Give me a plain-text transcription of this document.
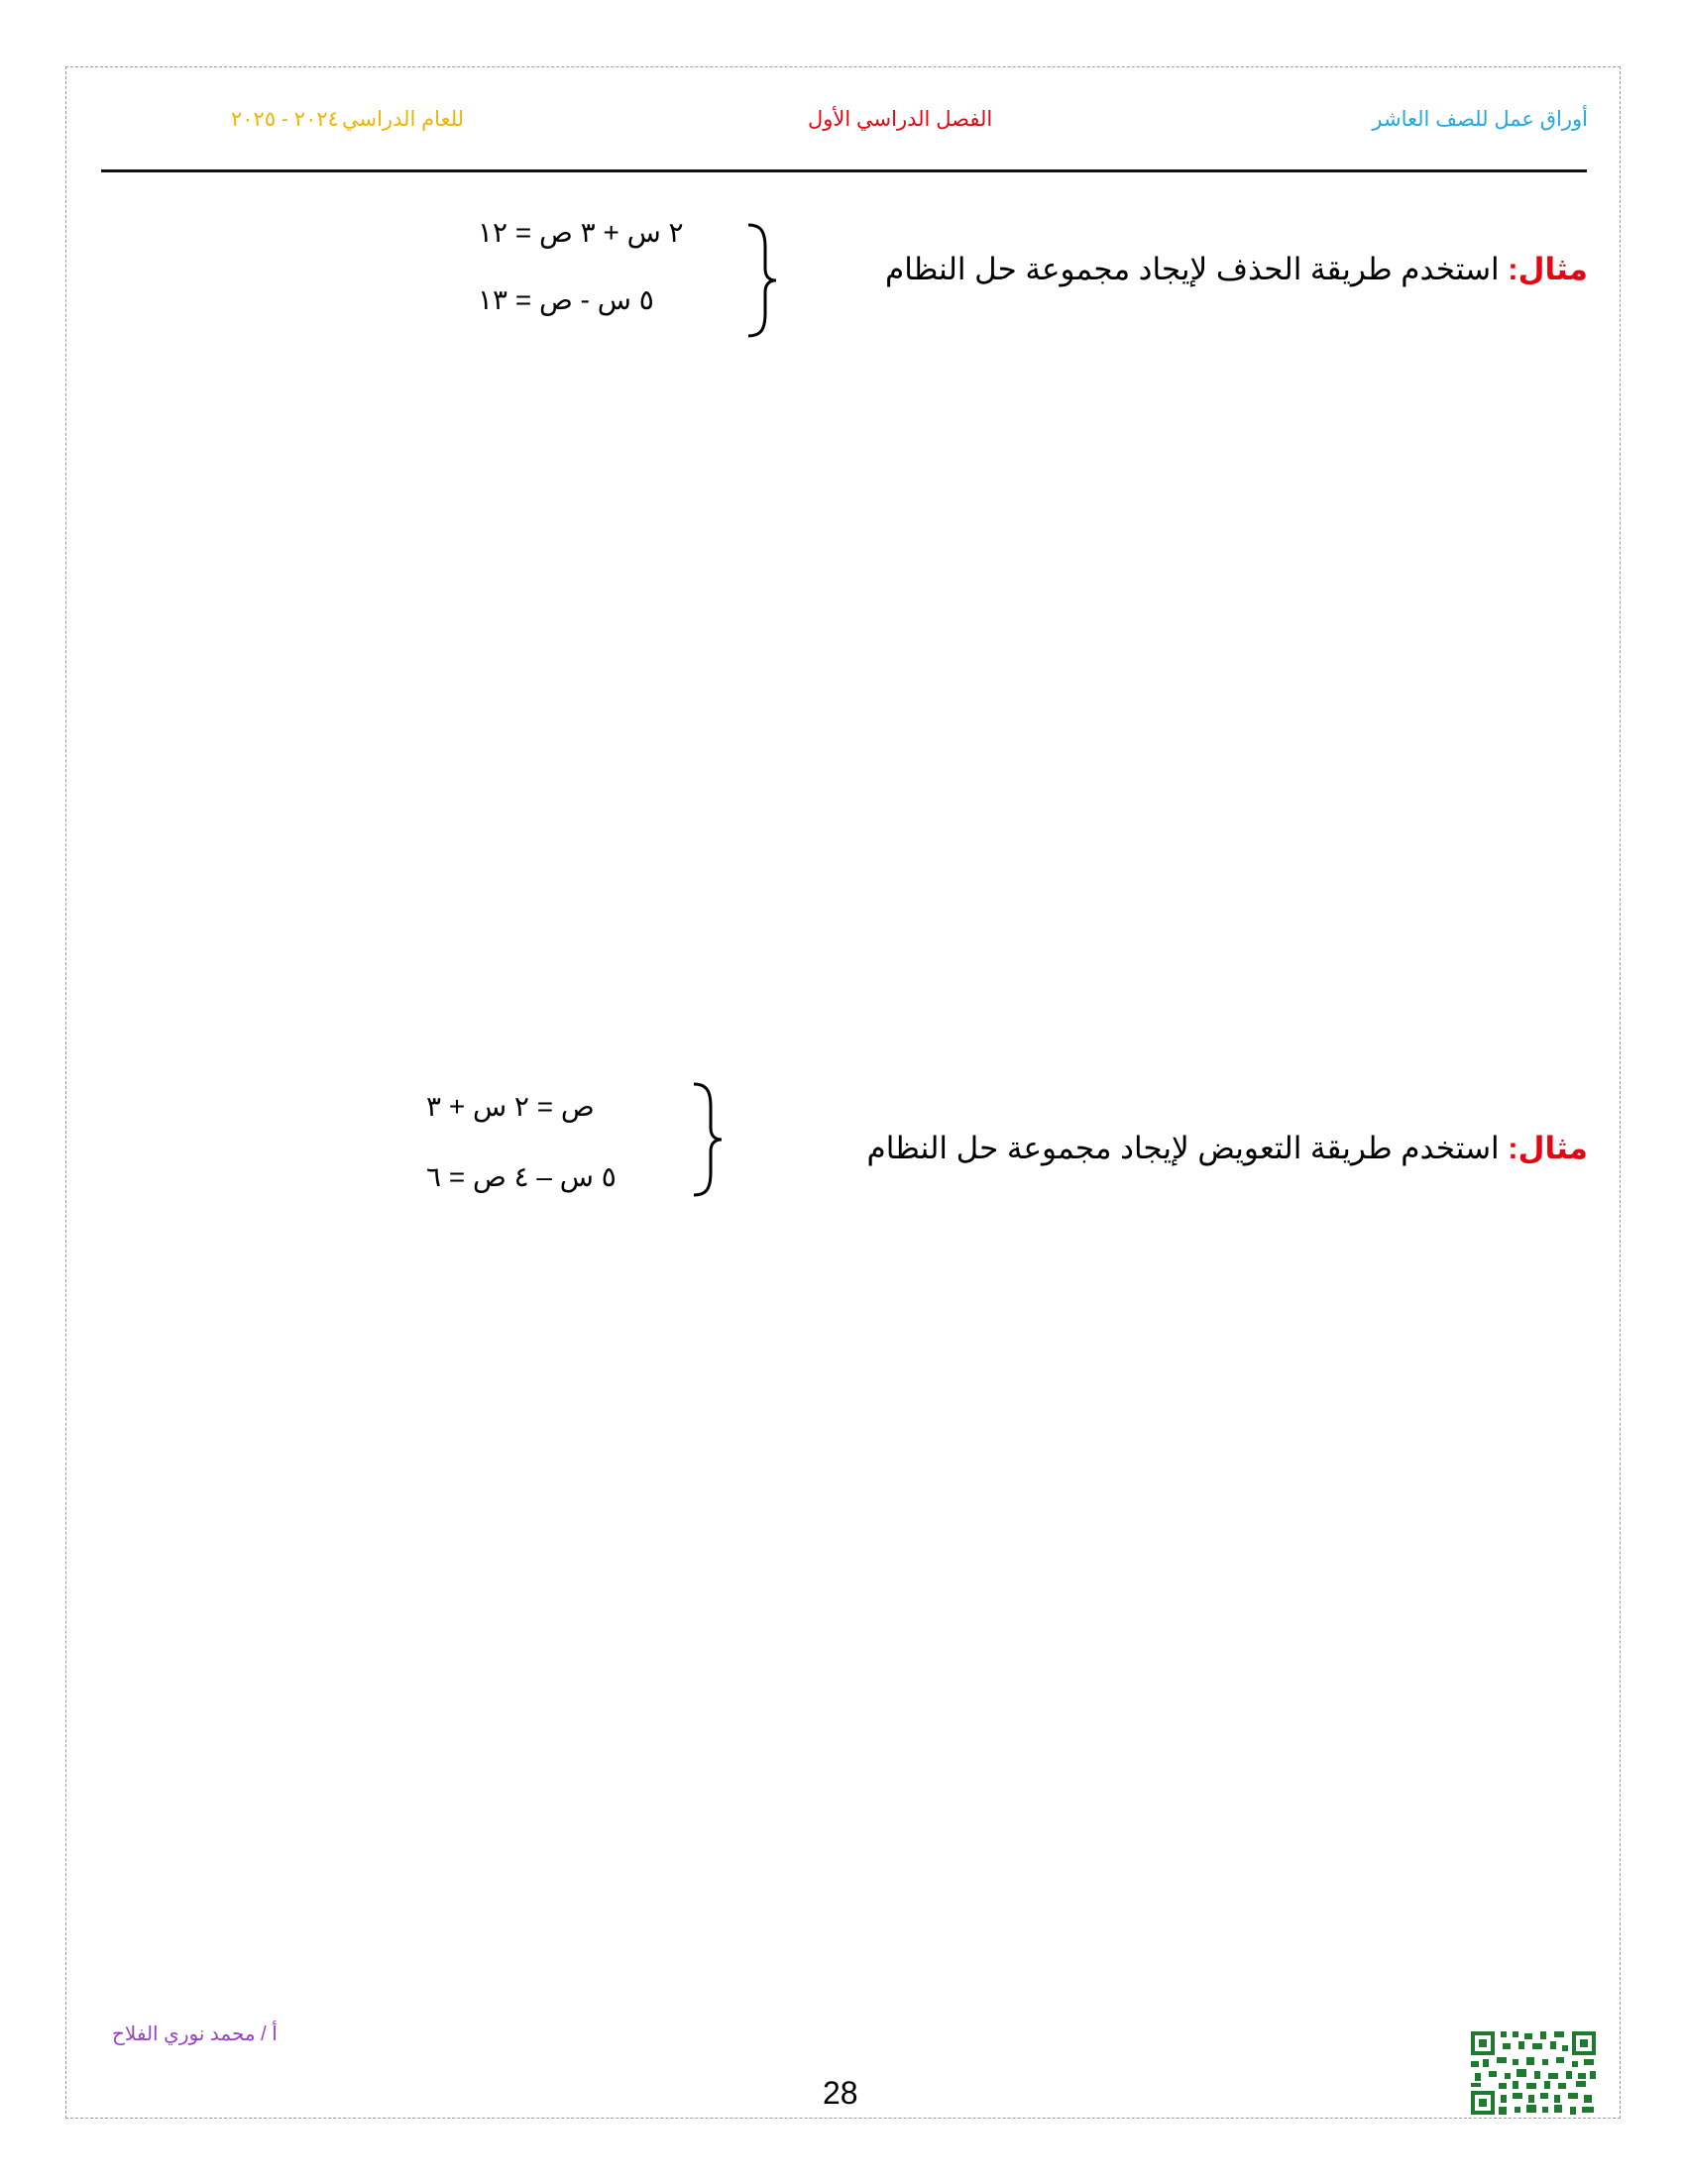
أوراق عمل للصف العاشر
الفصل الدراسي الأول
للعام الدراسي
٢٠٢٤ - ٢٠٢٥
مثال: استخدم طريقة الحذف لإيجاد مجموعة حل النظام
٢ س + ٣ ص = ١٢
٥ س - ص = ١٣
مثال: استخدم طريقة التعويض لإيجاد مجموعة حل النظام
ص = ٢ س + ٣
٥ س – ٤ ص = ٦
أ / محمد نوري الفلاح
28
